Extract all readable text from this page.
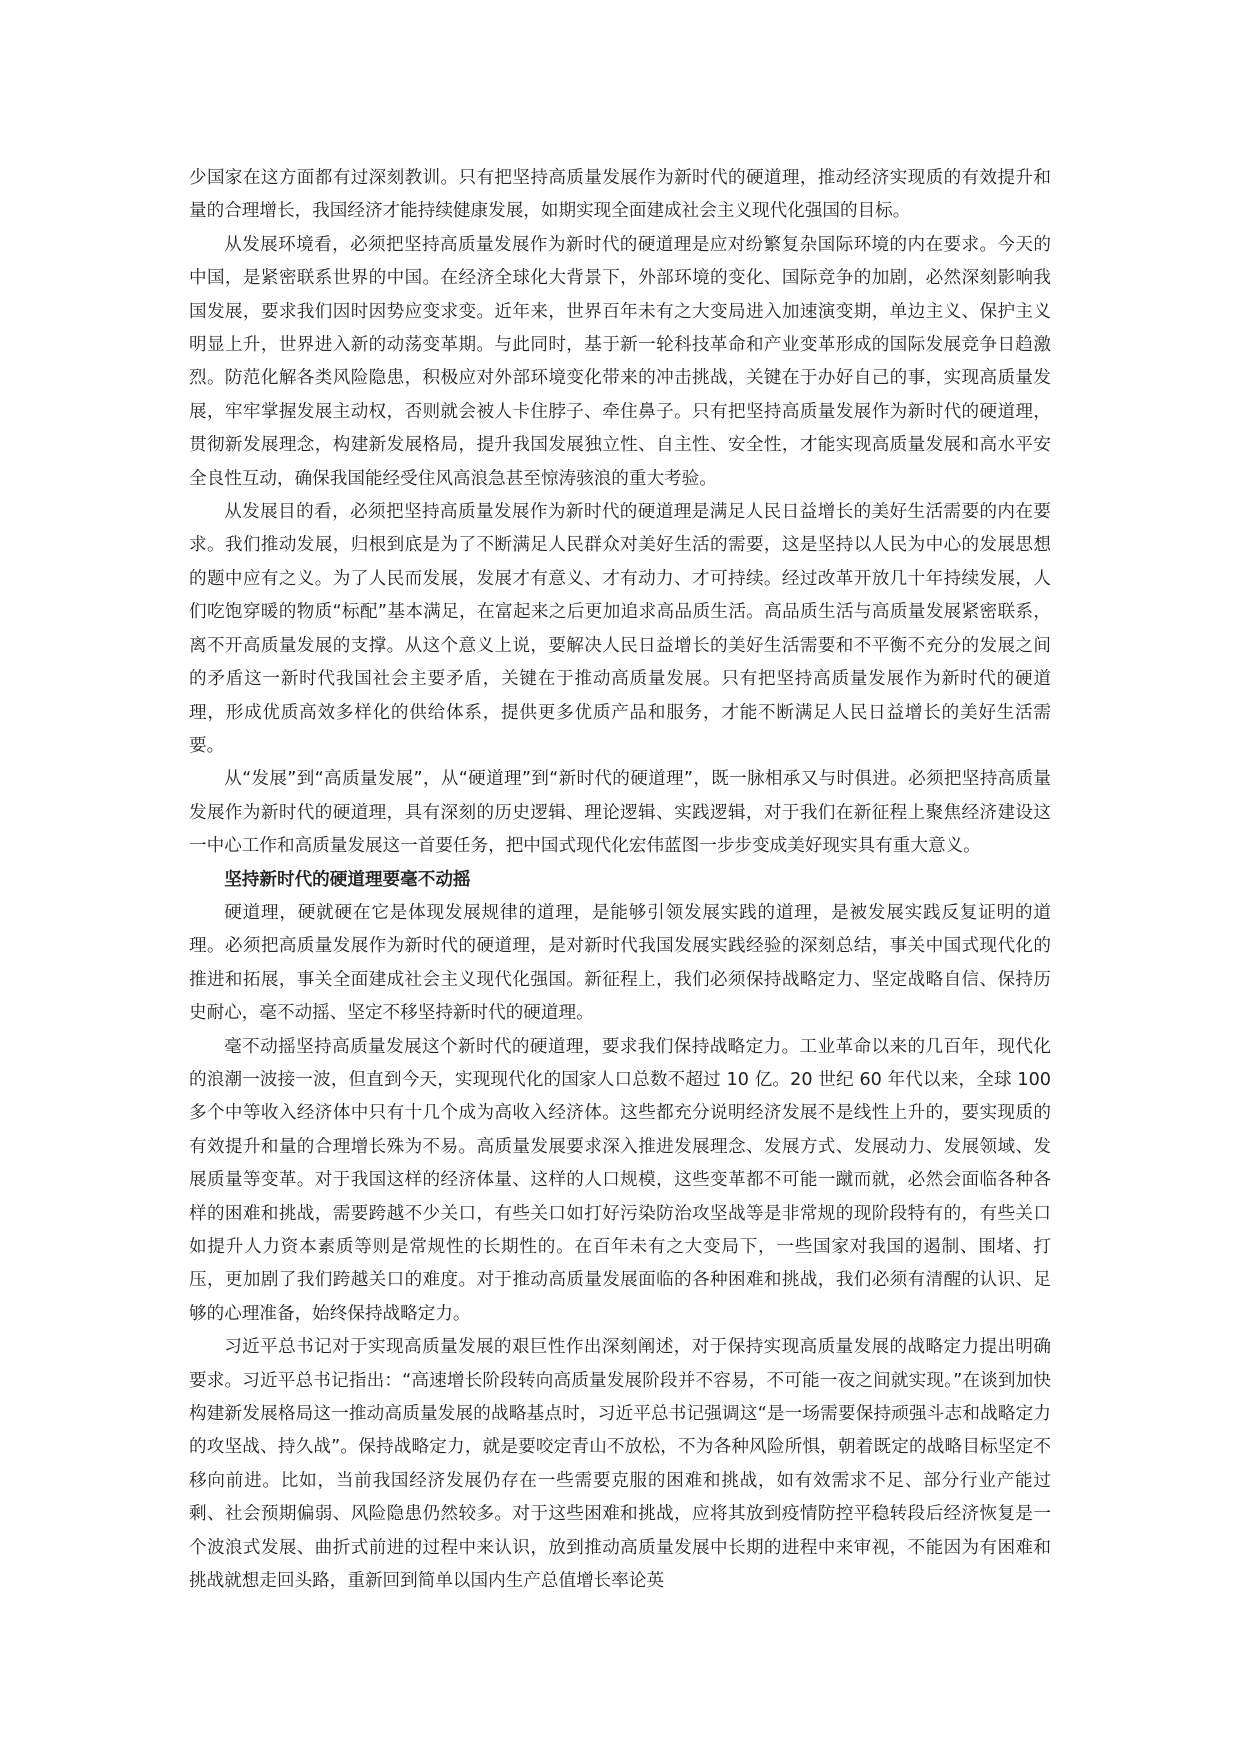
少国家在这方面都有过深刻教训。只有把坚持高质量发展作为新时代的硬道理，推动经济实现质的有效提升和量的合理增长，我国经济才能持续健康发展，如期实现全面建成社会主义现代化强国的目标。

从发展环境看，必须把坚持高质量发展作为新时代的硬道理是应对纷繁复杂国际环境的内在要求。今天的中国，是紧密联系世界的中国。在经济全球化大背景下，外部环境的变化、国际竞争的加剧，必然深刻影响我国发展，要求我们因时因势应变求变。近年来，世界百年未有之大变局进入加速演变期，单边主义、保护主义明显上升，世界进入新的动荡变革期。与此同时，基于新一轮科技革命和产业变革形成的国际发展竞争日趋激烈。防范化解各类风险隐患，积极应对外部环境变化带来的冲击挑战，关键在于办好自己的事，实现高质量发展，牢牢掌握发展主动权，否则就会被人卡住脖子、牵住鼻子。只有把坚持高质量发展作为新时代的硬道理，贯彻新发展理念，构建新发展格局，提升我国发展独立性、自主性、安全性，才能实现高质量发展和高水平安全良性互动，确保我国能经受住风高浪急甚至惊涛骇浪的重大考验。

从发展目的看，必须把坚持高质量发展作为新时代的硬道理是满足人民日益增长的美好生活需要的内在要求。我们推动发展，归根到底是为了不断满足人民群众对美好生活的需要，这是坚持以人民为中心的发展思想的题中应有之义。为了人民而发展，发展才有意义、才有动力、才可持续。经过改革开放几十年持续发展，人们吃饱穿暖的物质“标配”基本满足，在富起来之后更加追求高品质生活。高品质生活与高质量发展紧密联系，离不开高质量发展的支撑。从这个意义上说，要解决人民日益增长的美好生活需要和不平衡不充分的发展之间的矛盾这一新时代我国社会主要矛盾，关键在于推动高质量发展。只有把坚持高质量发展作为新时代的硬道理，形成优质高效多样化的供给体系，提供更多优质产品和服务，才能不断满足人民日益增长的美好生活需要。

从“发展”到“高质量发展”，从“硬道理”到“新时代的硬道理”，既一脉相承又与时俱进。必须把坚持高质量发展作为新时代的硬道理，具有深刻的历史逻辑、理论逻辑、实践逻辑，对于我们在新征程上聚焦经济建设这一中心工作和高质量发展这一首要任务，把中国式现代化宏伟蓝图一步步变成美好现实具有重大意义。

坚持新时代的硬道理要毫不动摇

硬道理，硬就硬在它是体现发展规律的道理，是能够引领发展实践的道理，是被发展实践反复证明的道理。必须把高质量发展作为新时代的硬道理，是对新时代我国发展实践经验的深刻总结，事关中国式现代化的推进和拓展，事关全面建成社会主义现代化强国。新征程上，我们必须保持战略定力、坚定战略自信、保持历史耐心，毫不动摇、坚定不移坚持新时代的硬道理。

毫不动摇坚持高质量发展这个新时代的硬道理，要求我们保持战略定力。工业革命以来的几百年，现代化的浪潮一波接一波，但直到今天，实现现代化的国家人口总数不超过 10 亿。20 世纪 60 年代以来，全球 100 多个中等收入经济体中只有十几个成为高收入经济体。这些都充分说明经济发展不是线性上升的，要实现质的有效提升和量的合理增长殊为不易。高质量发展要求深入推进发展理念、发展方式、发展动力、发展领域、发展质量等变革。对于我国这样的经济体量、这样的人口规模，这些变革都不可能一蹴而就，必然会面临各种各样的困难和挑战，需要跨越不少关口，有些关口如打好污染防治攻坚战等是非常规的现阶段特有的，有些关口如提升人力资本素质等则是常规性的长期性的。在百年未有之大变局下，一些国家对我国的遏制、围堵、打压，更加剧了我们跨越关口的难度。对于推动高质量发展面临的各种困难和挑战，我们必须有清醒的认识、足够的心理准备，始终保持战略定力。

习近平总书记对于实现高质量发展的艰巨性作出深刻阐述，对于保持实现高质量发展的战略定力提出明确要求。习近平总书记指出：“高速增长阶段转向高质量发展阶段并不容易，不可能一夜之间就实现。”在谈到加快构建新发展格局这一推动高质量发展的战略基点时，习近平总书记强调这“是一场需要保持顽强斗志和战略定力的攻坚战、持久战”。保持战略定力，就是要咬定青山不放松，不为各种风险所惧，朝着既定的战略目标坚定不移向前进。比如，当前我国经济发展仍存在一些需要克服的困难和挑战，如有效需求不足、部分行业产能过剩、社会预期偏弱、风险隐患仍然较多。对于这些困难和挑战，应将其放到疫情防控平稳转段后经济恢复是一个波浪式发展、曲折式前进的过程中来认识，放到推动高质量发展中长期的进程中来审视，不能因为有困难和挑战就想走回头路，重新回到简单以国内生产总值增长率论英
